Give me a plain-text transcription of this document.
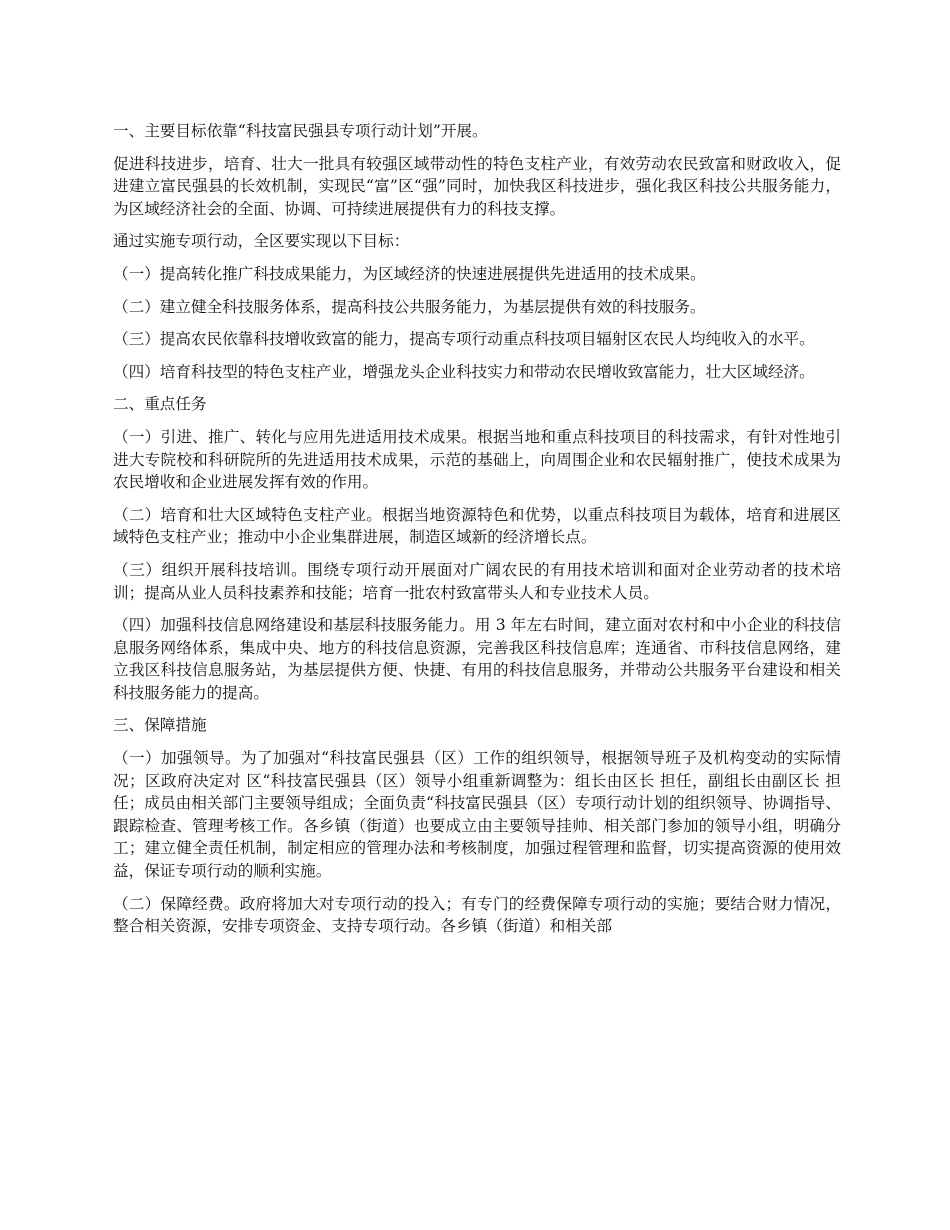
一、主要目标依靠“科技富民强县专项行动计划”开展。

促进科技进步，培育、壮大一批具有较强区域带动性的特色支柱产业，有效劳动农民致富和财政收入，促进建立富民强县的长效机制，实现民“富”区“强”同时，加快我区科技进步，强化我区科技公共服务能力，为区域经济社会的全面、协调、可持续进展提供有力的科技支撑。

通过实施专项行动，全区要实现以下目标：

（一）提高转化推广科技成果能力，为区域经济的快速进展提供先进适用的技术成果。

（二）建立健全科技服务体系，提高科技公共服务能力，为基层提供有效的科技服务。

（三）提高农民依靠科技增收致富的能力，提高专项行动重点科技项目辐射区农民人均纯收入的水平。

（四）培育科技型的特色支柱产业，增强龙头企业科技实力和带动农民增收致富能力，壮大区域经济。

二、重点任务

（一）引进、推广、转化与应用先进适用技术成果。根据当地和重点科技项目的科技需求，有针对性地引进大专院校和科研院所的先进适用技术成果，示范的基础上，向周围企业和农民辐射推广，使技术成果为农民增收和企业进展发挥有效的作用。

（二）培育和壮大区域特色支柱产业。根据当地资源特色和优势，以重点科技项目为载体，培育和进展区域特色支柱产业；推动中小企业集群进展，制造区域新的经济增长点。

（三）组织开展科技培训。围绕专项行动开展面对广阔农民的有用技术培训和面对企业劳动者的技术培训；提高从业人员科技素养和技能；培育一批农村致富带头人和专业技术人员。

（四）加强科技信息网络建设和基层科技服务能力。用 3 年左右时间，建立面对农村和中小企业的科技信息服务网络体系，集成中央、地方的科技信息资源，完善我区科技信息库；连通省、市科技信息网络，建立我区科技信息服务站，为基层提供方便、快捷、有用的科技信息服务，并带动公共服务平台建设和相关科技服务能力的提高。

三、保障措施

（一）加强领导。为了加强对“科技富民强县（区）工作的组织领导，根据领导班子及机构变动的实际情况；区政府决定对 区“科技富民强县（区）领导小组重新调整为：组长由区长 担任，副组长由副区长 担任；成员由相关部门主要领导组成；全面负责“科技富民强县（区）专项行动计划的组织领导、协调指导、跟踪检查、管理考核工作。各乡镇（街道）也要成立由主要领导挂帅、相关部门参加的领导小组，明确分工；建立健全责任机制，制定相应的管理办法和考核制度，加强过程管理和监督，切实提高资源的使用效益，保证专项行动的顺利实施。

（二）保障经费。政府将加大对专项行动的投入；有专门的经费保障专项行动的实施；要结合财力情况，整合相关资源，安排专项资金、支持专项行动。各乡镇（街道）和相关部
